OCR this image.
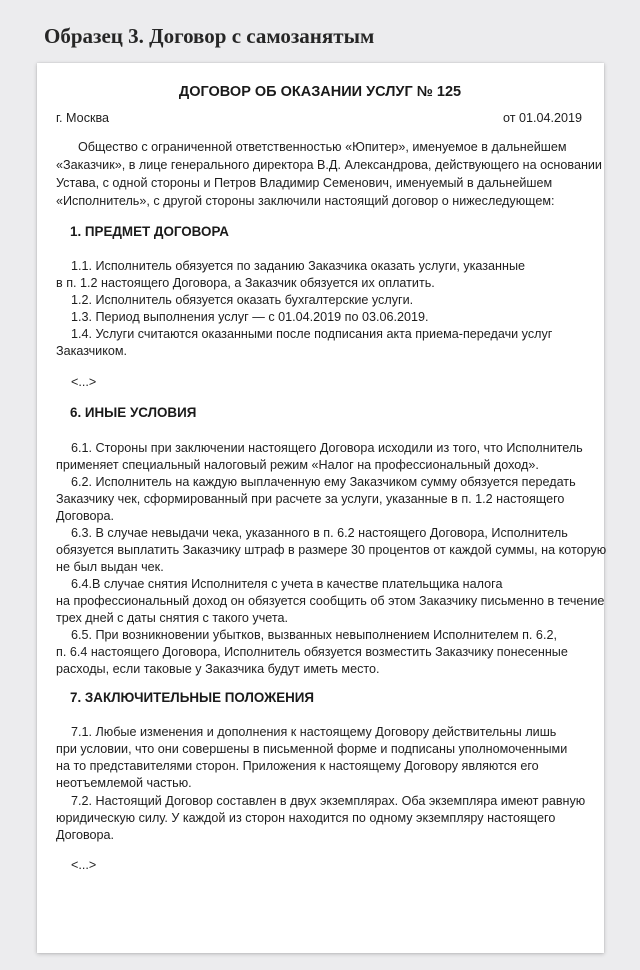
Образец 3. Договор с самозанятым
ДОГОВОР ОБ ОКАЗАНИИ УСЛУГ № 125
г. Москва	от 01.04.2019
Общество с ограниченной ответственностью «Юпитер», именуемое в дальнейшем
«Заказчик», в лице генерального директора В.Д. Александрова, действующего на основании
Устава, с одной стороны и Петров Владимир Семенович, именуемый в дальнейшем
«Исполнитель», с другой стороны заключили настоящий договор о нижеследующем:
1. ПРЕДМЕТ ДОГОВОРА
1.1. Исполнитель обязуется по заданию Заказчика оказать услуги, указанные
в п. 1.2 настоящего Договора, а Заказчик обязуется их оплатить.
1.2. Исполнитель обязуется оказать бухгалтерские услуги.
1.3. Период выполнения услуг — с 01.04.2019 по 03.06.2019.
1.4. Услуги считаются оказанными после подписания акта приема-передачи услуг
Заказчиком.
<...>
6. ИНЫЕ УСЛОВИЯ
6.1. Стороны при заключении настоящего Договора исходили из того, что Исполнитель
применяет специальный налоговый режим «Налог на профессиональный доход».
6.2. Исполнитель на каждую выплаченную ему Заказчиком сумму обязуется передать
Заказчику чек, сформированный при расчете за услуги, указанные в п. 1.2 настоящего
Договора.
6.3. В случае невыдачи чека, указанного в п. 6.2 настоящего Договора, Исполнитель
обязуется выплатить Заказчику штраф в размере 30 процентов от каждой суммы, на которую
не был выдан чек.
6.4.В случае снятия Исполнителя с учета в качестве плательщика налога
на профессиональный доход он обязуется сообщить об этом Заказчику письменно в течение
трех дней с даты снятия с такого учета.
6.5. При возникновении убытков, вызванных невыполнением Исполнителем п. 6.2,
п. 6.4 настоящего Договора, Исполнитель обязуется возместить Заказчику понесенные
расходы, если таковые у Заказчика будут иметь место.
7. ЗАКЛЮЧИТЕЛЬНЫЕ ПОЛОЖЕНИЯ
7.1. Любые изменения и дополнения к настоящему Договору действительны лишь
при условии, что они совершены в письменной форме и подписаны уполномоченными
на то представителями сторон. Приложения к настоящему Договору являются его
неотъемлемой частью.
7.2. Настоящий Договор составлен в двух экземплярах. Оба экземпляра имеют равную
юридическую силу. У каждой из сторон находится по одному экземпляру настоящего
Договора.
<...>
